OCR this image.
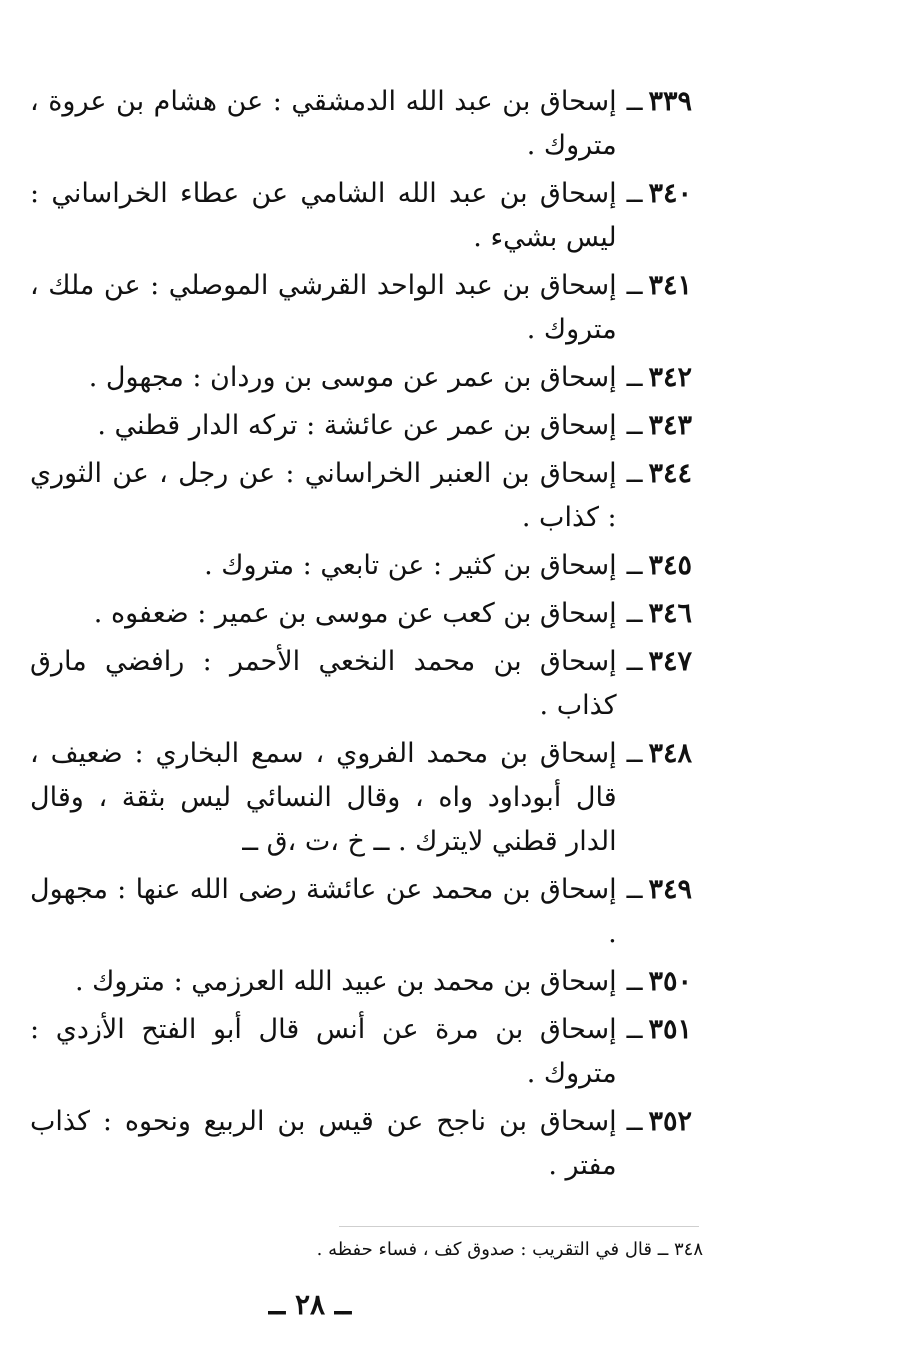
٣٣٩
ــ
إسحاق بن عبد الله الدمشقي : عن هشام بن عروة ، متروك .
٣٤٠
ــ
إسحاق بن عبد الله الشامي عن عطاء الخراساني : ليس بشيء .
٣٤١
ــ
إسحاق بن عبد الواحد القرشي الموصلي : عن ملك ، متروك .
٣٤٢
ــ
إسحاق بن عمر عن موسى بن وردان : مجهول .
٣٤٣
ــ
إسحاق بن عمر عن عائشة : تركه الدار قطني .
٣٤٤
ــ
إسحاق بن العنبر الخراساني : عن رجل ، عن الثوري : كذاب .
٣٤٥
ــ
إسحاق بن كثير : عن تابعي : متروك .
٣٤٦
ــ
إسحاق بن كعب عن موسى بن عمير : ضعفوه .
٣٤٧
ــ
إسحاق بن محمد النخعي الأحمر : رافضي مارق كذاب .
٣٤٨
ــ
إسحاق بن محمد الفروي ، سمع البخاري : ضعيف ، قال أبوداود واه ، وقال النسائي ليس بثقة ، وقال الدار قطني لايترك . ــ خ ،ت ،ق ــ
٣٤٩
ــ
إسحاق بن محمد عن عائشة رضى الله عنها : مجهول .
٣٥٠
ــ
إسحاق بن محمد بن عبيد الله العرزمي : متروك .
٣٥١
ــ
إسحاق بن مرة عن أنس قال أبو الفتح الأزدي : متروك .
٣٥٢
ــ
إسحاق بن ناجح عن قيس بن الربيع ونحوه : كذاب مفتر .
٣٤٨ ــ قال في التقريب : صدوق كف ، فساء حفظه .
ــ ٢٨ ــ
